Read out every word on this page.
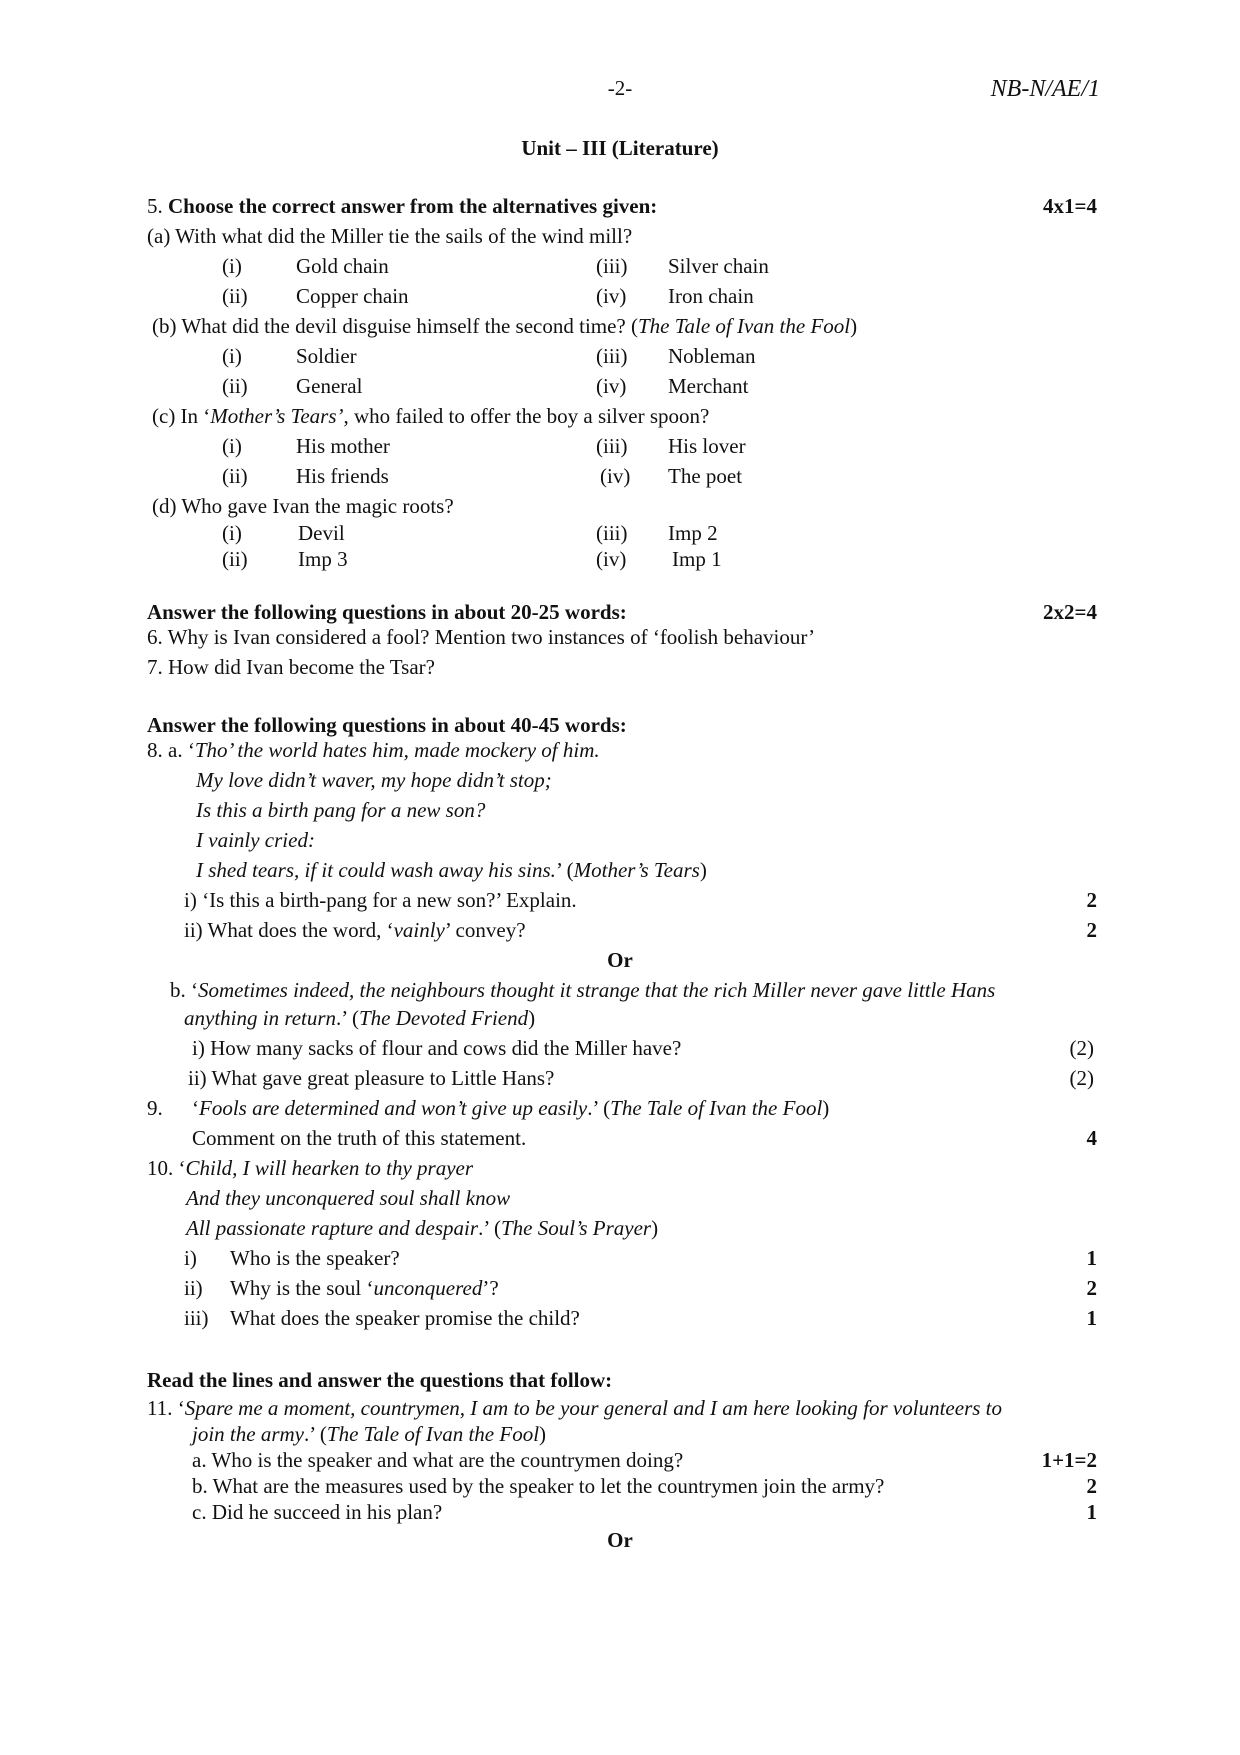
-2-	NB-N/AE/1
Unit – III (Literature)
5. Choose the correct answer from the alternatives given:	4x1=4
(a) With what did the Miller tie the sails of the wind mill?
(i)	Gold chain	(iii) Silver chain
(ii) Copper chain	(iv) Iron chain
(b) What did the devil disguise himself the second time? (The Tale of Ivan the Fool)
(i)	Soldier	(iii) Nobleman
(ii) General	(iv) Merchant
(c) In ‘Mother’s Tears’, who failed to offer the boy a silver spoon?
(i)	His mother	(iii) His lover
(ii) His friends	(iv) The poet
(d) Who gave Ivan the magic roots?
(i)	Devil	(iii) Imp 2
(ii) Imp 3	(iv) Imp 1
Answer the following questions in about 20-25 words:	2x2=4
6. Why is Ivan considered a fool? Mention two instances of ‘foolish behaviour’
7. How did Ivan become the Tsar?
Answer the following questions in about 40-45 words:
8. a. ‘Tho’ the world hates him, made mockery of him.
My love didn’t waver, my hope didn’t stop;
Is this a birth pang for a new son?
I vainly cried:
I shed tears, if it could wash away his sins.’ (Mother’s Tears)
i) ‘Is this a birth-pang for a new son?’ Explain.	2
ii) What does the word, ‘vainly’ convey?	2
Or
b. ‘Sometimes indeed, the neighbours thought it strange that the rich Miller never gave little Hans
anything in return.’ (The Devoted Friend)
i) How many sacks of flour and cows did the Miller have?	(2)
ii) What gave great pleasure to Little Hans?	(2)
9. ‘Fools are determined and won’t give up easily.’ (The Tale of Ivan the Fool)
Comment on the truth of this statement.	4
10. ‘Child, I will hearken to thy prayer
And they unconquered soul shall know
All passionate rapture and despair.’ (The Soul’s Prayer)
i) Who is the speaker?	1
ii) Why is the soul ‘unconquered’?	2
iii) What does the speaker promise the child?	1
Read the lines and answer the questions that follow:
11. ‘Spare me a moment, countrymen, I am to be your general and I am here looking for volunteers to
join the army.’ (The Tale of Ivan the Fool)
a. Who is the speaker and what are the countrymen doing?	1+1=2
b. What are the measures used by the speaker to let the countrymen join the army?	2
c. Did he succeed in his plan?	1
Or
